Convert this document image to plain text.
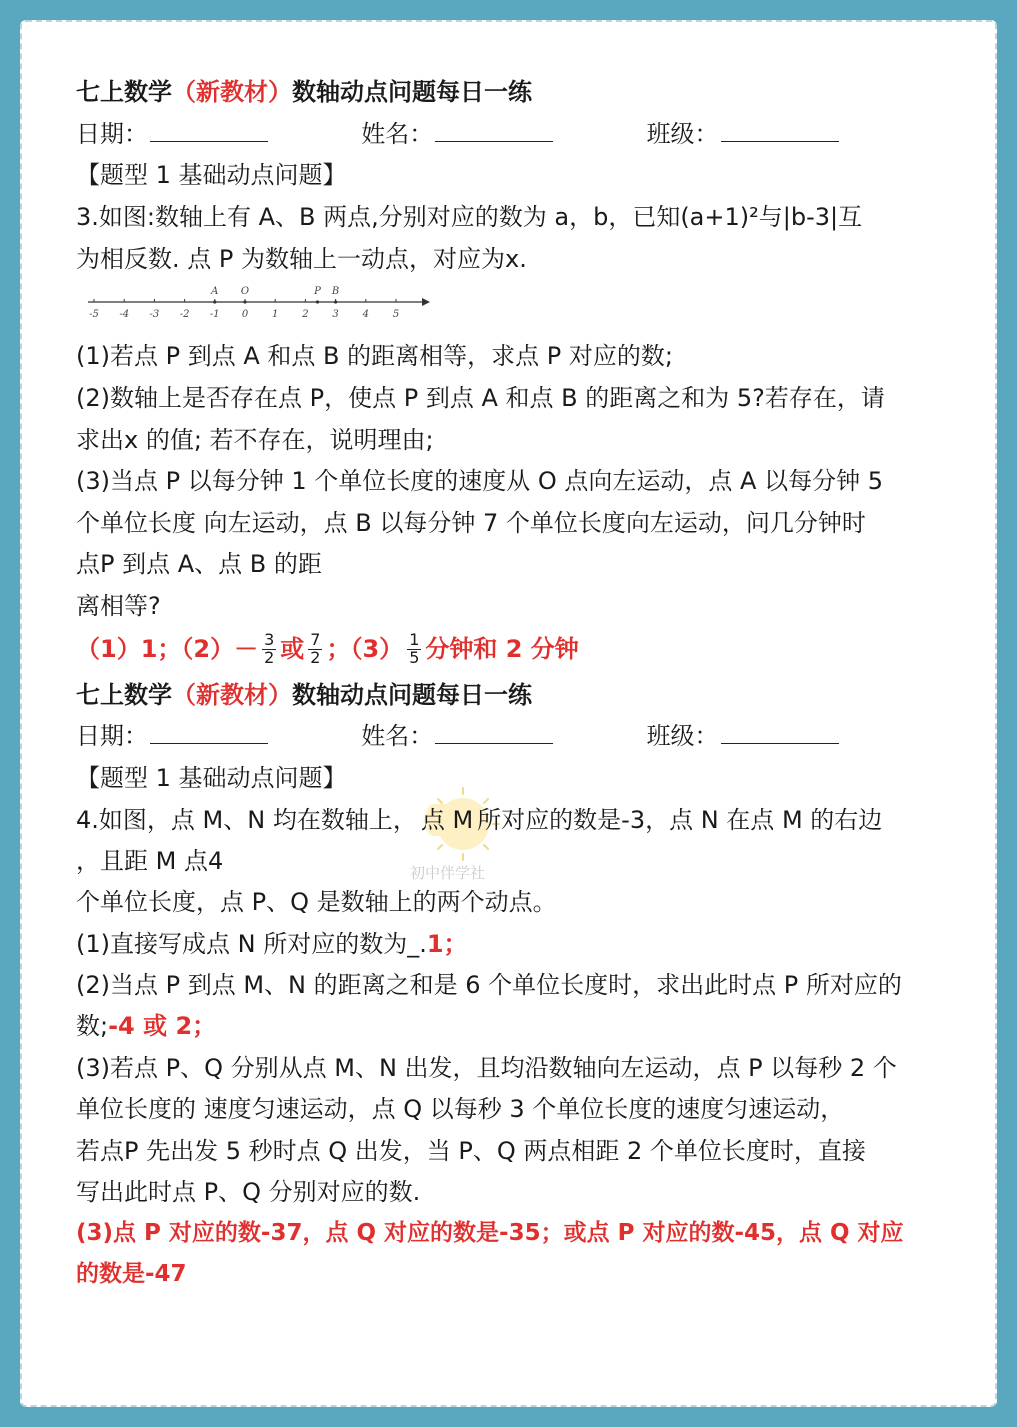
七上数学（新教材）数轴动点问题每日一练
日期：	姓名：	班级：
【题型 1 基础动点问题】
3.如图:数轴上有 A、B 两点,分别对应的数为 a，b，已知(a+1)²与|b-3|互
为相反数. 点 P 为数轴上一动点，对应为x.
-5 -4 -3 -2 -1 0 1 2 3 4 5
A O	P B
(1)若点 P 到点 A 和点 B 的距离相等，求点 P 对应的数;
(2)数轴上是否存在点 P，使点 P 到点 A 和点 B 的距离之和为 5?若存在，请
求出x 的值; 若不存在，说明理由;
(3)当点 P 以每分钟 1 个单位长度的速度从 O 点向左运动，点 A 以每分钟 5
个单位长度 向左运动，点 B 以每分钟 7 个单位长度向左运动，问几分钟时
点P 到点 A、点 B 的距
离相等?
（1）1；$(2)- \frac{3}{2}$ 或 $\frac{7}{2}$ ；$(3) \frac{1}{5}$ 分钟和 2 分钟
七上数学（新教材）数轴动点问题每日一练
日期：	姓名：	班级：
【题型 1 基础动点问题】
初中伴学社
4.如图，点 M、N 均在数轴上， 点 M 所对应的数是-3，点 N 在点 M 的右边
，且距 M 点4
个单位长度，点 P、Q 是数轴上的两个动点。
(1)直接写成点 N 所对应的数为_.1；
(2)当点 P 到点 M、N 的距离之和是 6 个单位长度时，求出此时点 P 所对应的
数;-4 或 2；
(3)若点 P、Q 分别从点 M、N 出发，且均沿数轴向左运动，点 P 以每秒 2 个
单位长度的 速度匀速运动，点 Q 以每秒 3 个单位长度的速度匀速运动，
若点P 先出发 5 秒时点 Q 出发，当 P、Q 两点相距 2 个单位长度时，直接
写出此时点 P、Q 分别对应的数.
(3)点 P 对应的数-37，点 Q 对应的数是-35；或点 P 对应的数-45，点 Q 对应
的数是-47
